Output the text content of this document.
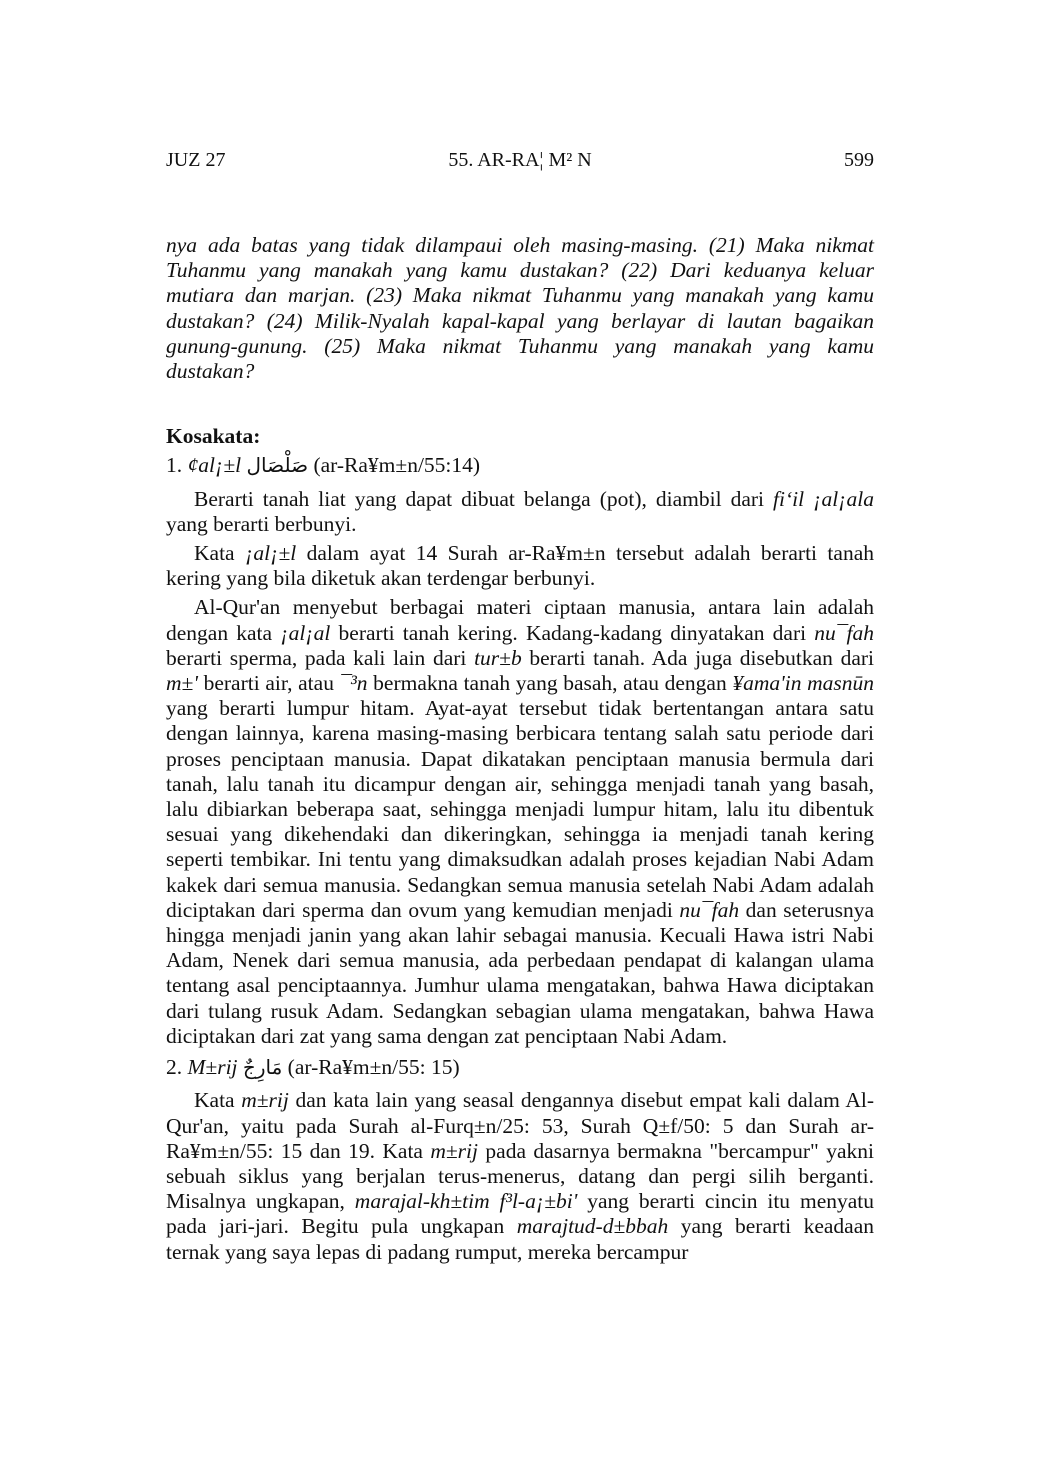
JUZ 27	55. AR-RA¦ M² N	599

nya ada batas yang tidak dilampaui oleh masing-masing. (21) Maka nikmat Tuhanmu yang manakah yang kamu dustakan? (22) Dari keduanya keluar mutiara dan marjan. (23) Maka nikmat Tuhanmu yang manakah yang kamu dustakan? (24) Milik-Nyalah kapal-kapal yang berlayar di lautan bagaikan gunung-gunung. (25) Maka nikmat Tuhanmu yang manakah yang kamu dustakan?

Kosakata:

1. ¢al¡±l صَلْصَال (ar-Ra¥m±n/55:14)

Berarti tanah liat yang dapat dibuat belanga (pot), diambil dari fi‘il ¡al¡ala yang berarti berbunyi.

Kata ¡al¡±l dalam ayat 14 Surah ar-Ra¥m±n tersebut adalah berarti tanah kering yang bila diketuk akan terdengar berbunyi.

Al-Qur'an menyebut berbagai materi ciptaan manusia, antara lain adalah dengan kata ¡al¡al berarti tanah kering. Kadang-kadang dinyatakan dari nu¯fah berarti sperma, pada kali lain dari tur±b berarti tanah. Ada juga disebutkan dari m±' berarti air, atau ¯³n bermakna tanah yang basah, atau dengan ¥ama'in masnūn yang berarti lumpur hitam. Ayat-ayat tersebut tidak bertentangan antara satu dengan lainnya, karena masing-masing berbicara tentang salah satu periode dari proses penciptaan manusia. Dapat dikatakan penciptaan manusia bermula dari tanah, lalu tanah itu dicampur dengan air, sehingga menjadi tanah yang basah, lalu dibiarkan beberapa saat, sehingga menjadi lumpur hitam, lalu itu dibentuk sesuai yang dikehendaki dan dikeringkan, sehingga ia menjadi tanah kering seperti tembikar. Ini tentu yang dimaksudkan adalah proses kejadian Nabi Adam kakek dari semua manusia. Sedangkan semua manusia setelah Nabi Adam adalah diciptakan dari sperma dan ovum yang kemudian menjadi nu¯fah dan seterusnya hingga menjadi janin yang akan lahir sebagai manusia. Kecuali Hawa istri Nabi Adam, Nenek dari semua manusia, ada perbedaan pendapat di kalangan ulama tentang asal penciptaannya. Jumhur ulama mengatakan, bahwa Hawa diciptakan dari tulang rusuk Adam. Sedangkan sebagian ulama mengatakan, bahwa Hawa diciptakan dari zat yang sama dengan zat penciptaan Nabi Adam.

2. M±rij مَارِجٌ (ar-Ra¥m±n/55: 15)

Kata m±rij dan kata lain yang seasal dengannya disebut empat kali dalam Al-Qur'an, yaitu pada Surah al-Furq±n/25: 53, Surah Q±f/50: 5 dan Surah ar-Ra¥m±n/55: 15 dan 19. Kata m±rij pada dasarnya bermakna "bercampur" yakni sebuah siklus yang berjalan terus-menerus, datang dan pergi silih berganti. Misalnya ungkapan, marajal-kh±tim f³l-a¡±bi' yang berarti cincin itu menyatu pada jari-jari. Begitu pula ungkapan marajtud-d±bbah yang berarti keadaan ternak yang saya lepas di padang rumput, mereka bercampur
